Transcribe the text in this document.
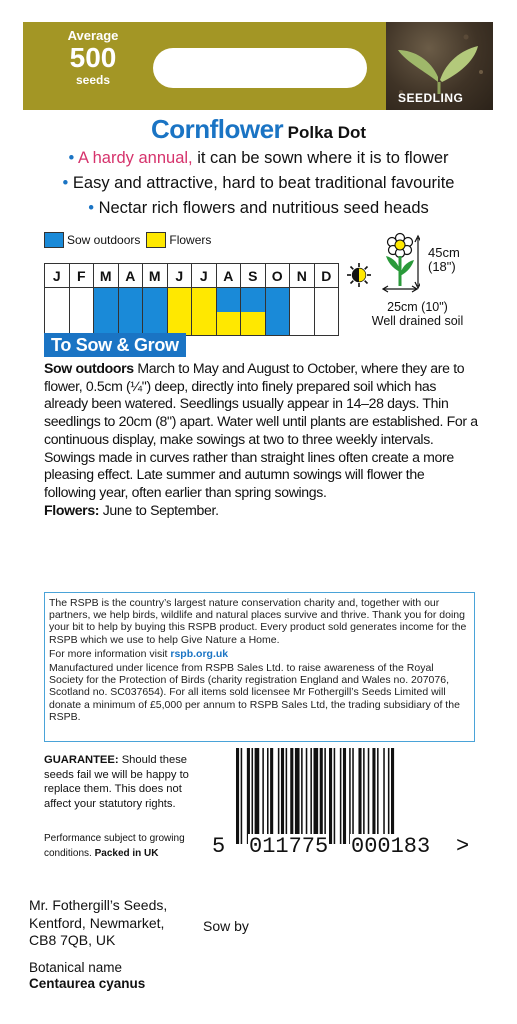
Average
500
seeds
SEEDLING
Cornflower Polka Dot
• A hardy annual, it can be sown where it is to flower
• Easy and attractive, hard to beat traditional favourite
• Nectar rich flowers and nutritious seed heads
Sow outdoors Flowers
J	F	M	A	M	J	J	A	S	O	N	D

45cm
(18")
25cm (10")
Well drained soil
To Sow & Grow
Sow outdoors March to May and August to October, where they are to flower, 0.5cm (¼") deep, directly into finely prepared soil which has already been watered. Seedlings usually appear in 14–28 days. Thin seedlings to 20cm (8") apart. Water well until plants are established. For a continuous display, make sowings at two to three weekly intervals. Sowings made in curves rather than straight lines often create a more pleasing effect. Late summer and autumn sowings will flower the following year, often earlier than spring sowings.
Flowers: June to September.

The RSPB is the country’s largest nature conservation charity and, together with our partners, we help birds, wildlife and natural places survive and thrive. Thank you for doing your bit to help by buying this RSPB product. Every product sold generates income for the RSPB which we use to help Give Nature a Home.

For more information visit rspb.org.uk

Manufactured under licence from RSPB Sales Ltd. to raise awareness of the Royal Society for the Protection of Birds (charity registration England and Wales no. 207076, Scotland no. SC037654). For all items sold licensee Mr Fothergill’s Seeds Limited will donate a minimum of £5,000 per annum to RSPB Sales Ltd, the trading subsidiary of the RSPB.

GUARANTEE: Should these seeds fail we will be happy to replace them. This does not affect your statutory rights.
Performance subject to growing conditions. Packed in UK	5 011775 000183 >
Mr. Fothergill’s Seeds,
Kentford, Newmarket,
CB8 7QB, UK
Sow by
Botanical name
Centaurea cyanus
